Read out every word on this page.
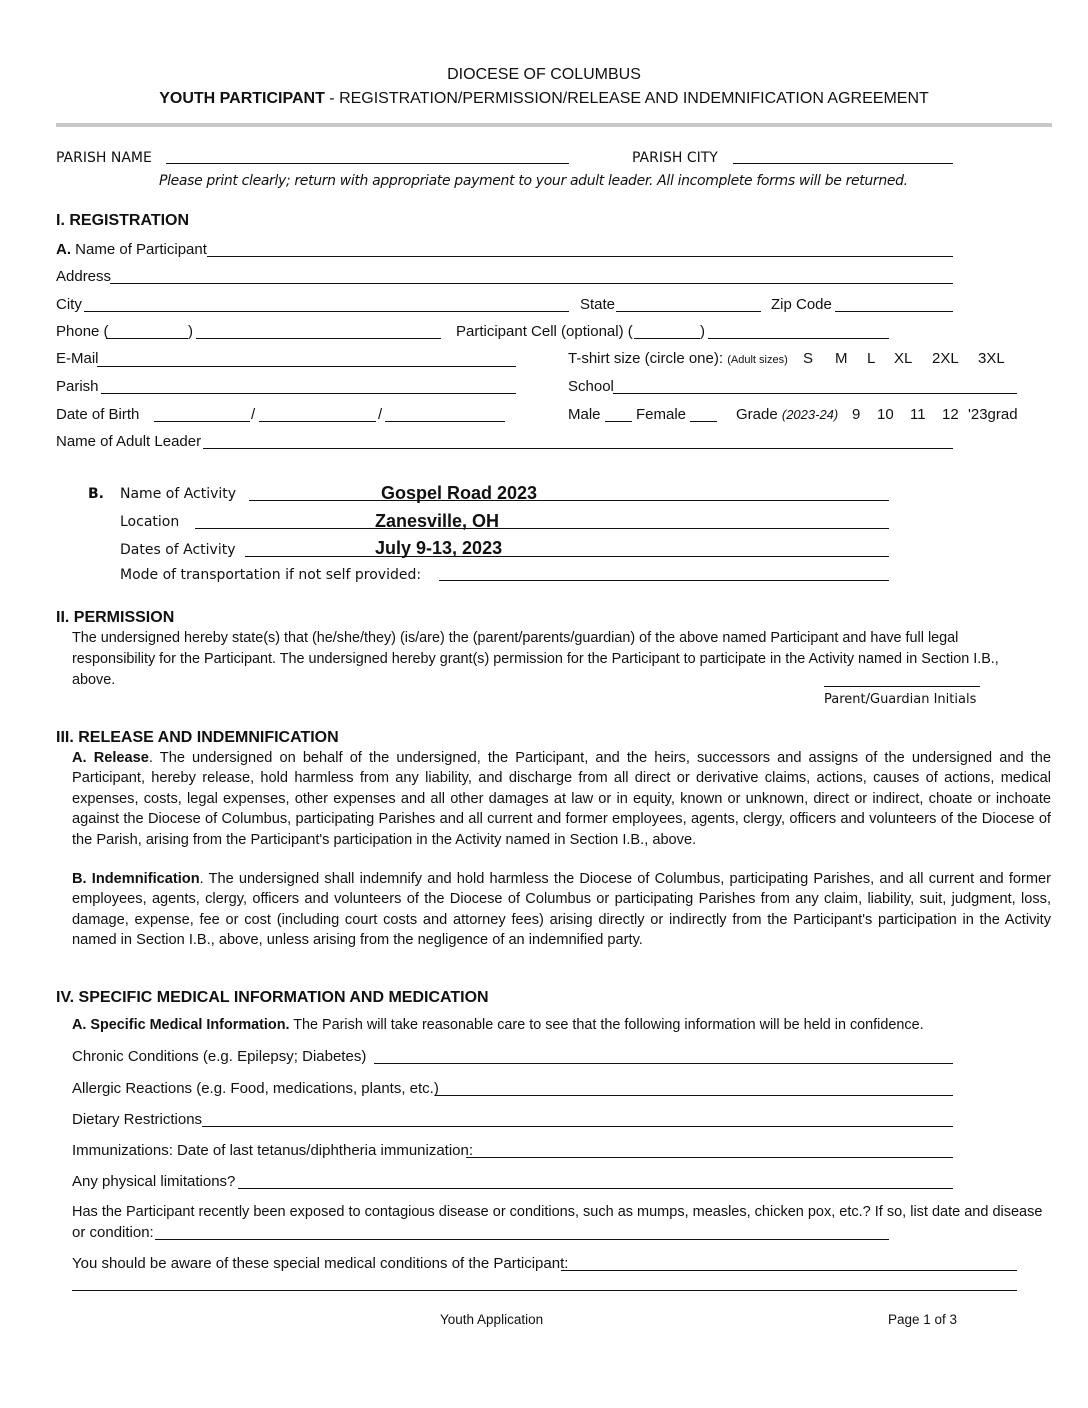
DIOCESE OF COLUMBUS
YOUTH PARTICIPANT - REGISTRATION/PERMISSION/RELEASE AND INDEMNIFICATION AGREEMENT
PARISH NAME	PARISH CITY
Please print clearly; return with appropriate payment to your adult leader. All incomplete forms will be returned.
I. REGISTRATION
A. Name of Participant
Address
City	State	Zip Code
Phone (	)	Participant Cell (optional) (	)
E-Mail	T-shirt size (circle one): (Adult sizes) S M L XL 2XL 3XL
Parish	School
Date of Birth	/	/	Male Female	Grade (2023-24) 9 10 11 12 '23grad
Name of Adult Leader
B. Name of Activity	Gospel Road 2023
Location	Zanesville, OH
Dates of Activity	July 9-13, 2023
Mode of transportation if not self provided:
II. PERMISSION
The undersigned hereby state(s) that (he/she/they) (is/are) the (parent/parents/guardian) of the above named Participant and have full legal
responsibility for the Participant. The undersigned hereby grant(s) permission for the Participant to participate in the Activity named in Section I.B.,
above.
Parent/Guardian Initials
III. RELEASE AND INDEMNIFICATION
A. Release. The undersigned on behalf of the undersigned, the Participant, and the heirs, successors and assigns of the undersigned and the Participant, hereby release, hold harmless from any liability, and discharge from all direct or derivative claims, actions, causes of actions, medical expenses, costs, legal expenses, other expenses and all other damages at law or in equity, known or unknown, direct or indirect, choate or inchoate against the Diocese of Columbus, participating Parishes and all current and former employees, agents, clergy, officers and volunteers of the Diocese of the Parish, arising from the Participant's participation in the Activity named in Section I.B., above.
B. Indemnification. The undersigned shall indemnify and hold harmless the Diocese of Columbus, participating Parishes, and all current and former employees, agents, clergy, officers and volunteers of the Diocese of Columbus or participating Parishes from any claim, liability, suit, judgment, loss, damage, expense, fee or cost (including court costs and attorney fees) arising directly or indirectly from the Participant's participation in the Activity named in Section I.B., above, unless arising from the negligence of an indemnified party.
IV. SPECIFIC MEDICAL INFORMATION AND MEDICATION
A. Specific Medical Information. The Parish will take reasonable care to see that the following information will be held in confidence.
Chronic Conditions (e.g. Epilepsy; Diabetes)
Allergic Reactions (e.g. Food, medications, plants, etc.)
Dietary Restrictions
Immunizations: Date of last tetanus/diphtheria immunization:
Any physical limitations?
Has the Participant recently been exposed to contagious disease or conditions, such as mumps, measles, chicken pox, etc.? If so, list date and disease
or condition:
You should be aware of these special medical conditions of the Participant:
Youth Application	Page 1 of 3
